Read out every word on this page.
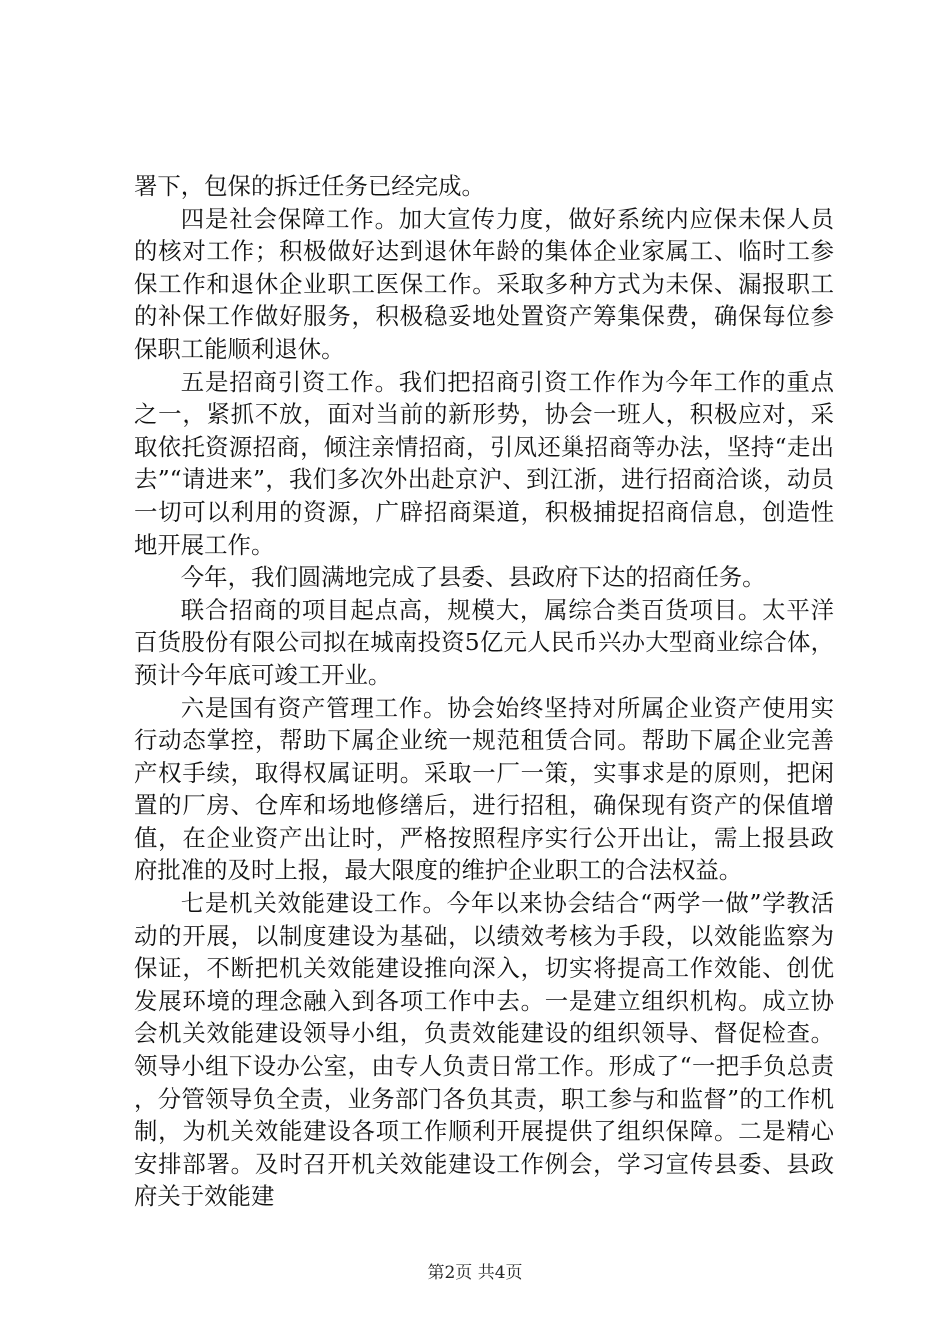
署下，包保的拆迁任务已经完成。

四是社会保障工作。加大宣传力度，做好系统内应保未保人员的核对工作；积极做好达到退休年龄的集体企业家属工、临时工参保工作和退休企业职工医保工作。采取多种方式为未保、漏报职工的补保工作做好服务，积极稳妥地处置资产筹集保费，确保每位参保职工能顺利退休。

五是招商引资工作。我们把招商引资工作作为今年工作的重点之一，紧抓不放，面对当前的新形势，协会一班人，积极应对，采取依托资源招商，倾注亲情招商，引凤还巢招商等办法，坚持“走出去”“请进来”，我们多次外出赴京沪、到江浙，进行招商洽谈，动员一切可以利用的资源，广辟招商渠道，积极捕捉招商信息，创造性地开展工作。

今年，我们圆满地完成了县委、县政府下达的招商任务。

联合招商的项目起点高，规模大，属综合类百货项目。太平洋百货股份有限公司拟在城南投资5亿元人民币兴办大型商业综合体，预计今年底可竣工开业。

六是国有资产管理工作。协会始终坚持对所属企业资产使用实行动态掌控，帮助下属企业统一规范租赁合同。帮助下属企业完善产权手续，取得权属证明。采取一厂一策，实事求是的原则，把闲置的厂房、仓库和场地修缮后，进行招租，确保现有资产的保值增值，在企业资产出让时，严格按照程序实行公开出让，需上报县政府批准的及时上报，最大限度的维护企业职工的合法权益。

七是机关效能建设工作。今年以来协会结合“两学一做”学教活动的开展，以制度建设为基础，以绩效考核为手段，以效能监察为保证，不断把机关效能建设推向深入，切实将提高工作效能、创优发展环境的理念融入到各项工作中去。一是建立组织机构。成立协会机关效能建设领导小组，负责效能建设的组织领导、督促检查。领导小组下设办公室，由专人负责日常工作。形成了“一把手负总责，分管领导负全责，业务部门各负其责，职工参与和监督”的工作机制，为机关效能建设各项工作顺利开展提供了组织保障。二是精心安排部署。及时召开机关效能建设工作例会，学习宣传县委、县政府关于效能建

第2页 共4页
